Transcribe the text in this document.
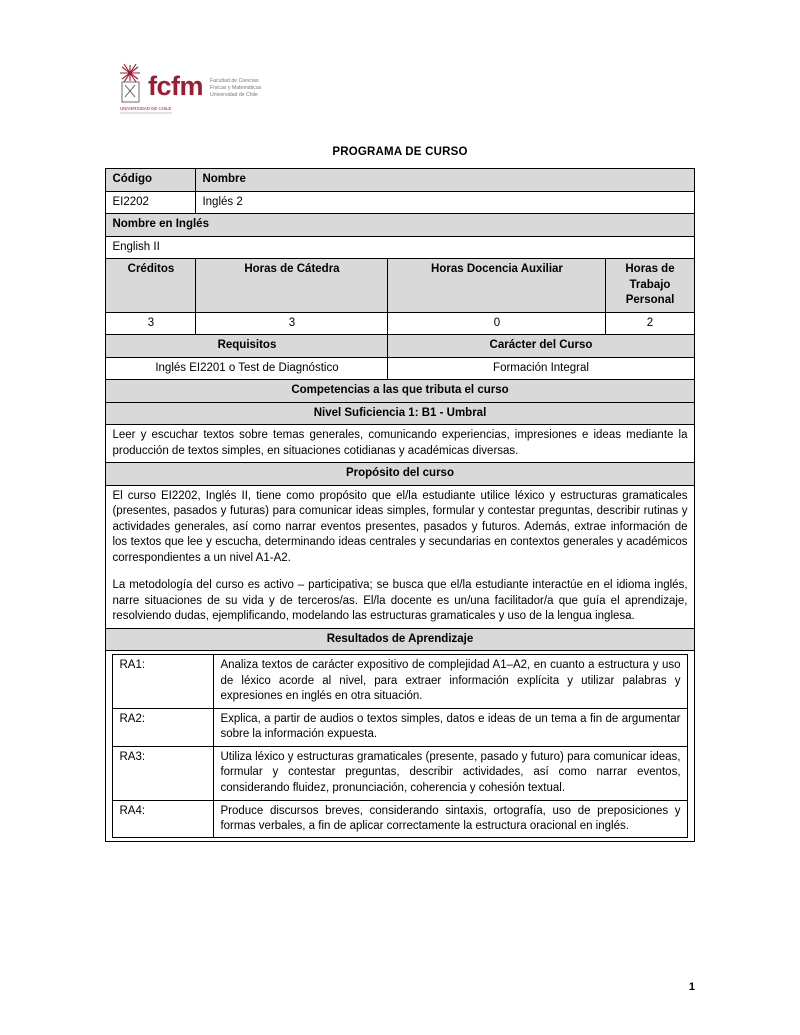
fcfm Facultad de Ciencias
Físicas y Matemáticas
Universidad de Chile
UNIVERSIDAD DE CHILE
PROGRAMA DE CURSO
Código	Nombre
EI2202	Inglés 2
Nombre en Inglés
English II
Créditos	Horas de Cátedra	Horas Docencia Auxiliar	Horas de Trabajo Personal
3	3	0	2
Requisitos	Carácter del Curso
Inglés EI2201 o Test de Diagnóstico	Formación Integral
Competencias a las que tributa el curso
Nivel Suficiencia 1: B1 - Umbral
Leer y escuchar textos sobre temas generales, comunicando experiencias, impresiones e ideas mediante la producción de textos simples, en situaciones cotidianas y académicas diversas.
Propósito del curso

El curso EI2202, Inglés II, tiene como propósito que el/la estudiante utilice léxico y estructuras gramaticales (presentes, pasados y futuras) para comunicar ideas simples, formular y contestar preguntas, describir rutinas y actividades generales, así como narrar eventos presentes, pasados y futuros. Además, extrae información de los textos que lee y escucha, determinando ideas centrales y secundarias en contextos generales y académicos correspondientes a un nivel A1-A2.

La metodología del curso es activo – participativa; se busca que el/la estudiante interactúe en el idioma inglés, narre situaciones de su vida y de terceros/as. El/la docente es un/una facilitador/a que guía el aprendizaje, resolviendo dudas, ejemplificando, modelando las estructuras gramaticales y uso de la lengua inglesa.

Resultados de Aprendizaje

RA1:	Analiza textos de carácter expositivo de complejidad A1–A2, en cuanto a estructura y uso de léxico acorde al nivel, para extraer información explícita y utilizar palabras y expresiones en inglés en otra situación.
RA2:	Explica, a partir de audios o textos simples, datos e ideas de un tema a fin de argumentar sobre la información expuesta.
RA3:	Utiliza léxico y estructuras gramaticales (presente, pasado y futuro) para comunicar ideas, formular y contestar preguntas, describir actividades, así como narrar eventos, considerando fluidez, pronunciación, coherencia y cohesión textual.
RA4:	Produce discursos breves, considerando sintaxis, ortografía, uso de preposiciones y formas verbales, a fin de aplicar correctamente la estructura oracional en inglés.
1
